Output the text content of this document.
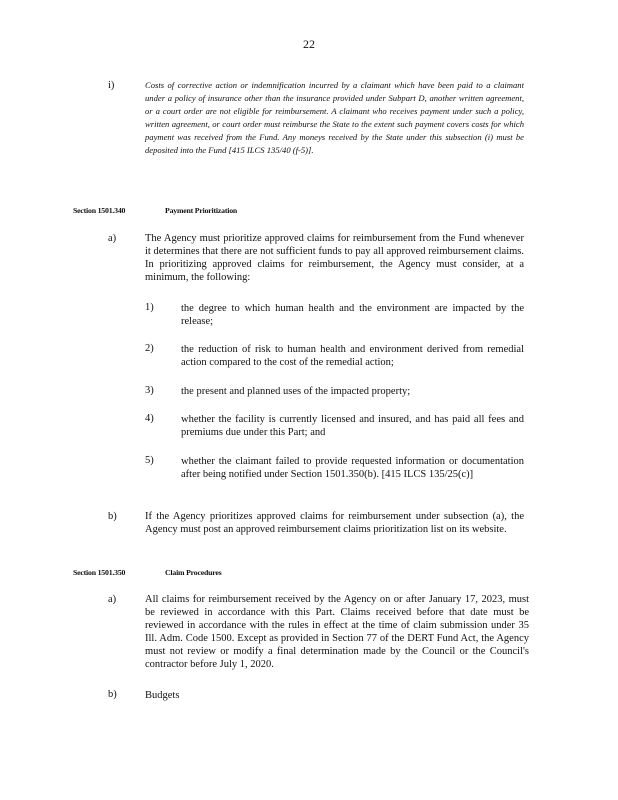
22
i)	Costs of corrective action or indemnification incurred by a claimant which have been paid to a claimant under a policy of insurance other than the insurance provided under Subpart D, another written agreement, or a court order are not eligible for reimbursement. A claimant who receives payment under such a policy, written agreement, or court order must reimburse the State to the extent such payment covers costs for which payment was received from the Fund. Any moneys received by the State under this subsection (i) must be deposited into the Fund [415 ILCS 135/40 (f-5)].
Section 1501.340	Payment Prioritization
a)	The Agency must prioritize approved claims for reimbursement from the Fund whenever it determines that there are not sufficient funds to pay all approved reimbursement claims. In prioritizing approved claims for reimbursement, the Agency must consider, at a minimum, the following:
1)	the degree to which human health and the environment are impacted by the release;
2)	the reduction of risk to human health and environment derived from remedial action compared to the cost of the remedial action;
3)	the present and planned uses of the impacted property;
4)	whether the facility is currently licensed and insured, and has paid all fees and premiums due under this Part; and
5)	whether the claimant failed to provide requested information or documentation after being notified under Section 1501.350(b). [415 ILCS 135/25(c)]
b)	If the Agency prioritizes approved claims for reimbursement under subsection (a), the Agency must post an approved reimbursement claims prioritization list on its website.
Section 1501.350	Claim Procedures
a)	All claims for reimbursement received by the Agency on or after January 17, 2023, must be reviewed in accordance with this Part. Claims received before that date must be reviewed in accordance with the rules in effect at the time of claim submission under 35 Ill. Adm. Code 1500. Except as provided in Section 77 of the DERT Fund Act, the Agency must not review or modify a final determination made by the Council or the Council's contractor before July 1, 2020.
b)	Budgets
